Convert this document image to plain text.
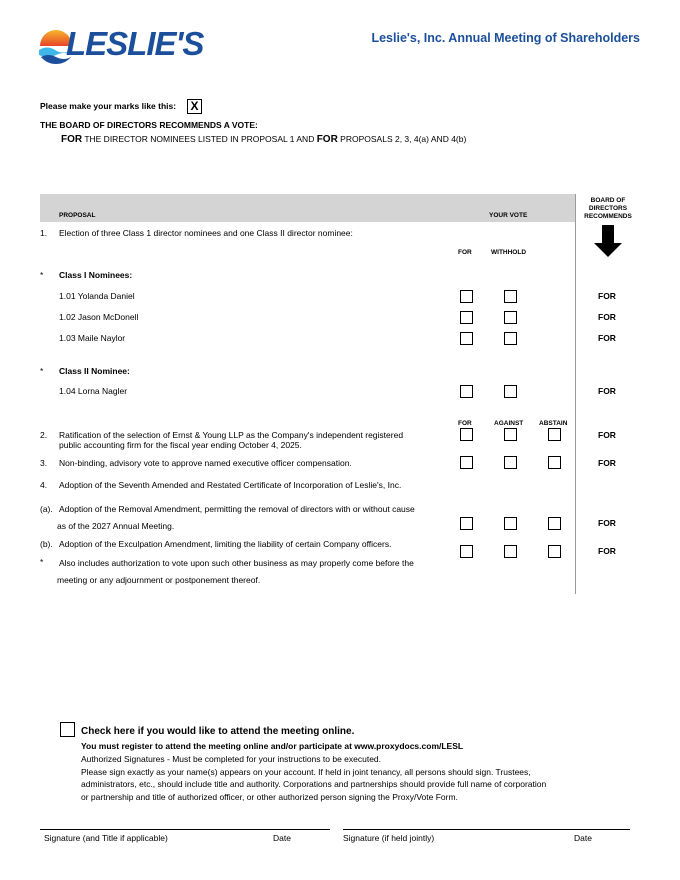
LESLIE'S	Leslie's, Inc. Annual Meeting of Shareholders
Please make your marks like this: X
THE BOARD OF DIRECTORS RECOMMENDS A VOTE:
FOR THE DIRECTOR NOMINEES LISTED IN PROPOSAL 1 AND FOR PROPOSALS 2, 3, 4(a) AND 4(b)
PROPOSAL	YOUR VOTE
BOARD OF DIRECTORS RECOMMENDS
1. Election of three Class 1 director nominees and one Class II director nominee:
FOR	WITHHOLD
* Class I Nominees:
1.01 Yolanda Daniel	FOR
1.02 Jason McDonell	FOR
1.03 Maile Naylor	FOR
* Class II Nominee:
1.04 Lorna Nagler	FOR
FOR	AGAINST ABSTAIN
2. Ratification of the selection of Ernst & Young LLP as the Company's independent registered
public accounting firm for the fiscal year ending October 4, 2025.
FOR
3. Non-binding, advisory vote to approve named executive officer compensation.	FOR
4. Adoption of the Seventh Amended and Restated Certificate of Incorporation of Leslie's, Inc.
(a). Adoption of the Removal Amendment, permitting the removal of directors with or without cause
as of the 2027 Annual Meeting.	FOR
(b). Adoption of the Exculpation Amendment, limiting the liability of certain Company officers.
FOR
* Also includes authorization to vote upon such other business as may properly come before the
meeting or any adjournment or postponement thereof.
Check here if you would like to attend the meeting online.
You must register to attend the meeting online and/or participate at www.proxydocs.com/LESL
Authorized Signatures - Must be completed for your instructions to be executed.
Please sign exactly as your name(s) appears on your account. If held in joint tenancy, all persons should sign. Trustees,
administrators, etc., should include title and authority. Corporations and partnerships should provide full name of corporation
or partnership and title of authorized officer, or other authorized person signing the Proxy/Vote Form.
Signature (and Title if applicable)	Date	Signature (if held jointly)	Date
